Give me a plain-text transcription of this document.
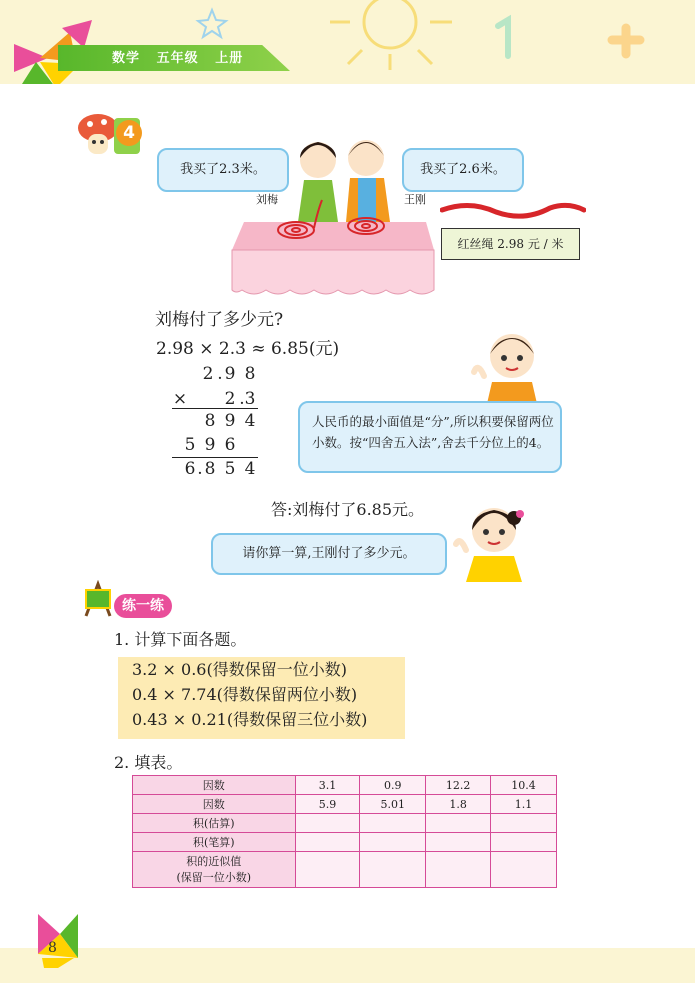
数学 五年级 上册
4
我买了2.3米。	我买了2.6米。
刘梅	王刚
红丝绳 2.98 元 / 米
刘梅付了多少元?
2.98 × 2.3 ≈ 6.85(元)
2 . 9 8
× 2 . 3
8 9 4
5 9 6
6 . 8 5 4
人民币的最小面值是“分”,所以积要保留两位小数。按“四舍五入法”,舍去千分位上的4。
答:刘梅付了6.85元。
请你算一算,王刚付了多少元。
练一练
1. 计算下面各题。
3.2 × 0.6(得数保留一位小数)
0.4 × 7.74(得数保留两位小数)
0.43 × 0.21(得数保留三位小数)
2. 填表。
因数	3.1	0.9	12.2	10.4
因数	5.9	5.01	1.8	1.1
积(估算)				
积(笔算)				
积的近似值
(保留一位小数)				
8
